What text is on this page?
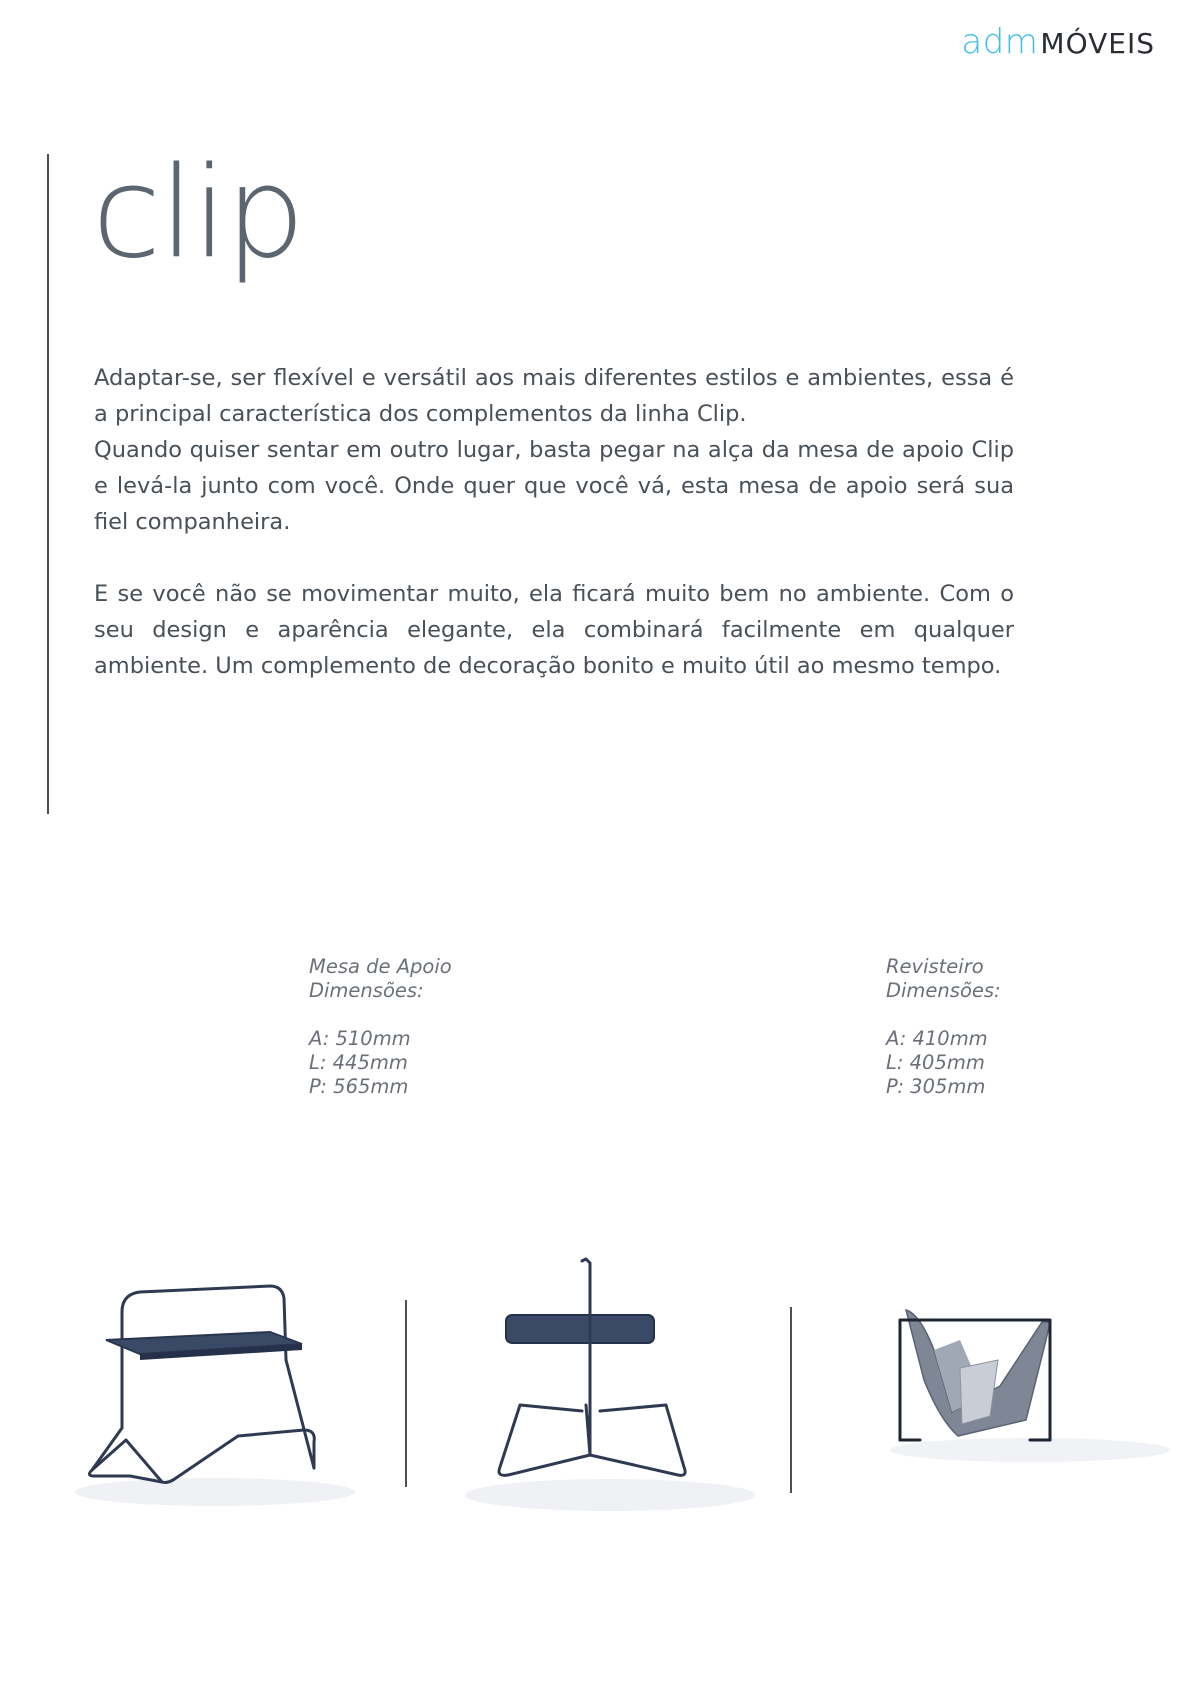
adm MÓVEIS
clip

Adaptar-se, ser flexível e versátil aos mais diferentes estilos e ambientes, essa é a principal característica dos complementos da linha Clip.

Quando quiser sentar em outro lugar, basta pegar na alça da mesa de apoio Clip e levá-la junto com você. Onde quer que você vá, esta mesa de apoio será sua fiel companheira.

E se você não se movimentar muito, ela ficará muito bem no ambiente. Com o seu design e aparência elegante, ela combinará facilmente em qualquer ambiente. Um complemento de decoração bonito e muito útil ao mesmo tempo.

Mesa de Apoio
Dimensões:
A: 510mm
L: 445mm
P: 565mm
Revisteiro
Dimensões:
A: 410mm
L: 405mm
P: 305mm
